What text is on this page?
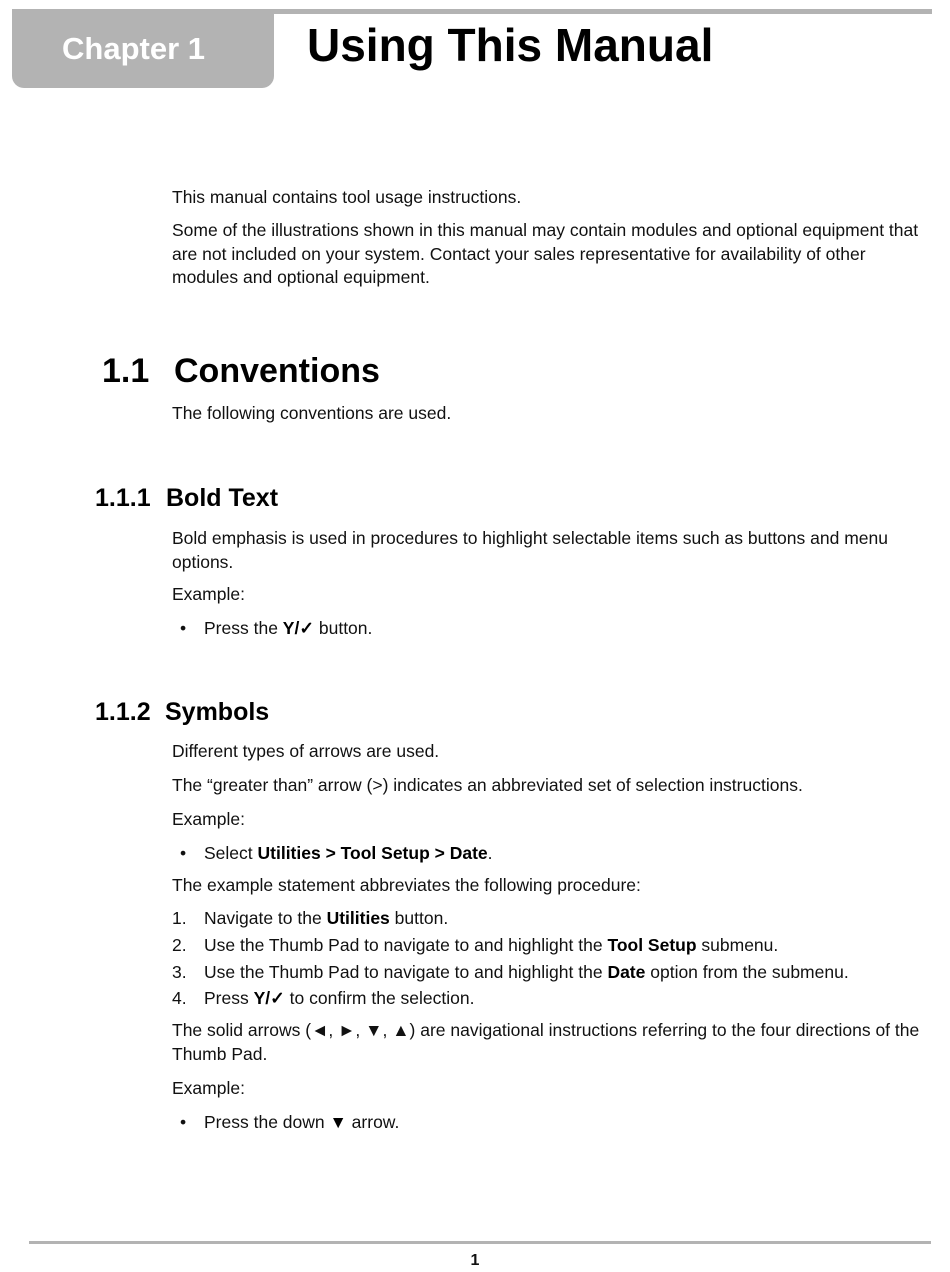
Chapter 1 Using This Manual

This manual contains tool usage instructions.

Some of the illustrations shown in this manual may contain modules and optional equipment that are not included on your system. Contact your sales representative for availability of other modules and optional equipment.

1.1 Conventions

The following conventions are used.

1.1.1 Bold Text

Bold emphasis is used in procedures to highlight selectable items such as buttons and menu options.

Example:

• Press the Y/✓ button.
1.1.2 Symbols

Different types of arrows are used.

The “greater than” arrow (>) indicates an abbreviated set of selection instructions.

Example:

• Select Utilities > Tool Setup > Date.

The example statement abbreviates the following procedure:

1. Navigate to the Utilities button.
2. Use the Thumb Pad to navigate to and highlight the Tool Setup submenu.
3. Use the Thumb Pad to navigate to and highlight the Date option from the submenu.
4. Press Y/✓ to confirm the selection.

The solid arrows (◄, ►, ▼, ▲) are navigational instructions referring to the four directions of the Thumb Pad.

Example:

• Press the down ▼ arrow.
1
